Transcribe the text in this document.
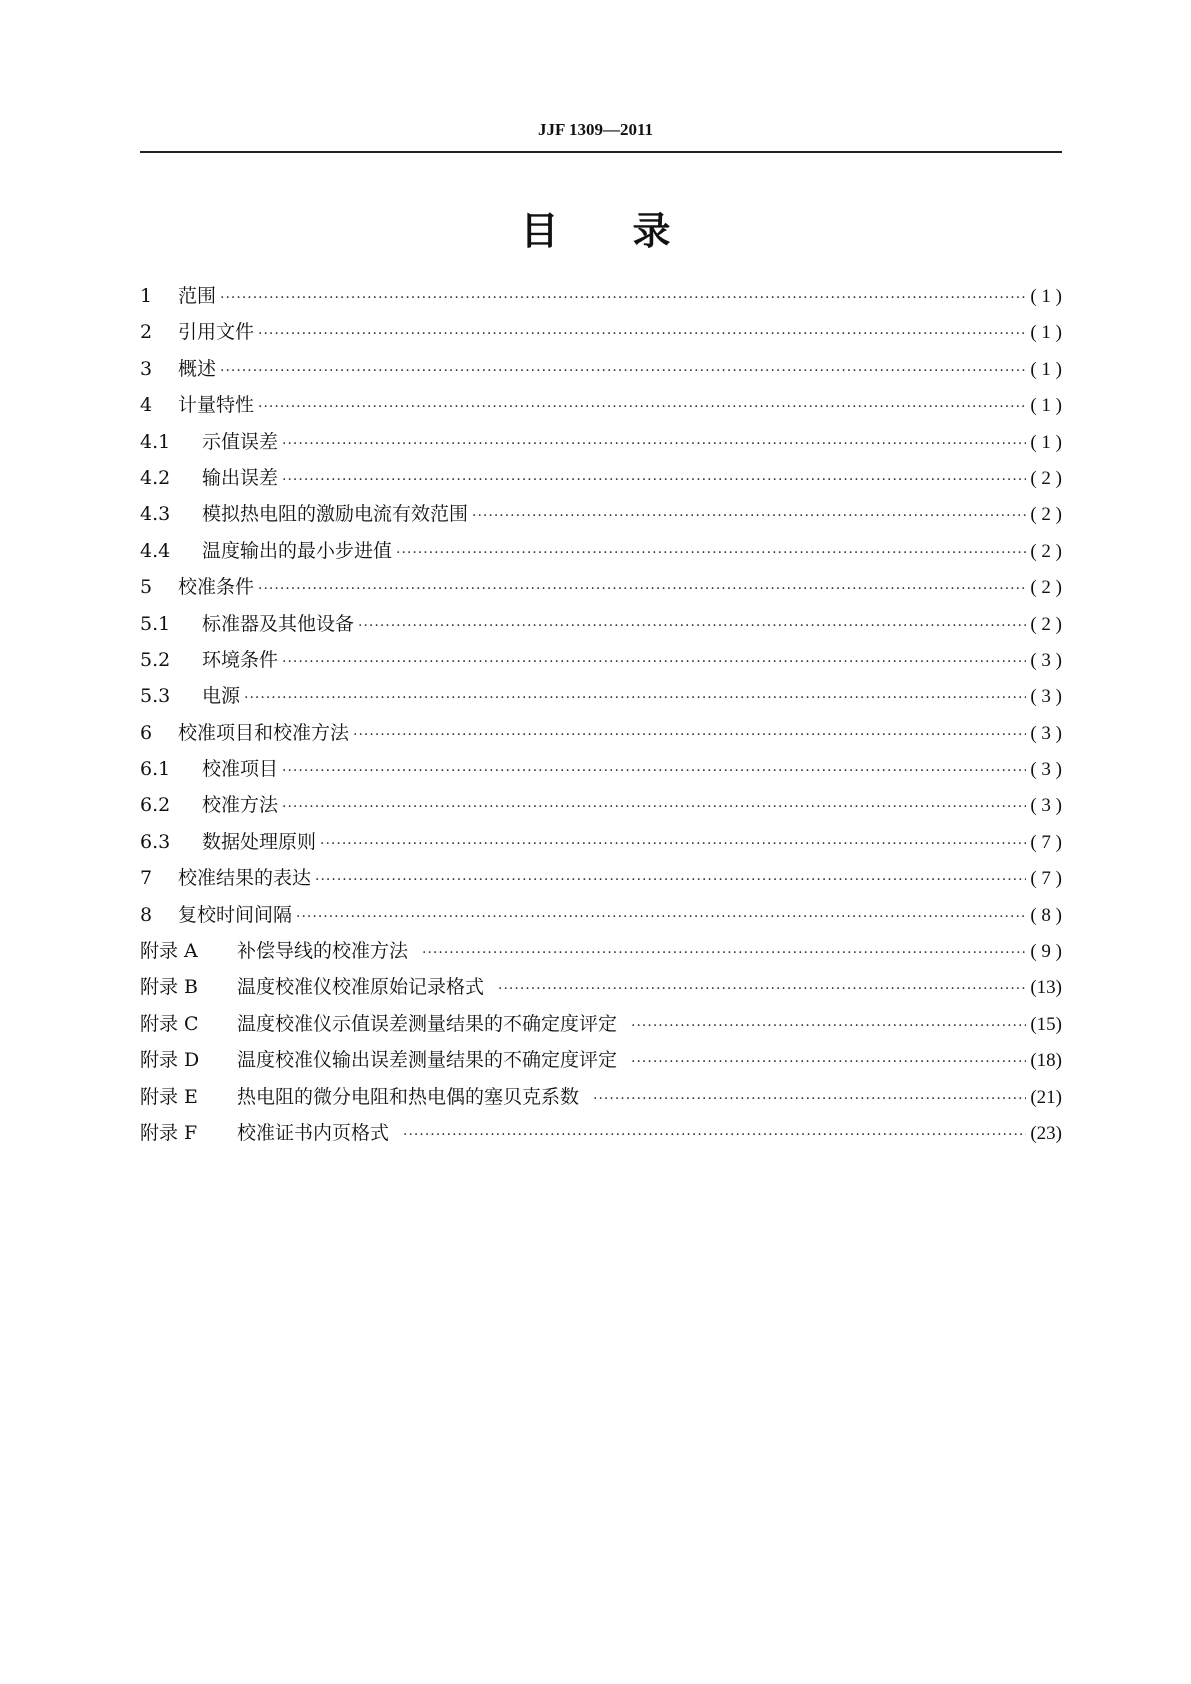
JJF 1309—2011
目 录
1	范围 ·····	( 1 )
2	引用文件 ·····	( 1 )
3	概述 ·····	( 1 )
4	计量特性 ·····	( 1 )
4.1	示值误差 ·····	( 1 )
4.2	输出误差 ·····	( 2 )
4.3	模拟热电阻的激励电流有效范围 ·····	( 2 )
4.4	温度输出的最小步进值 ·····	( 2 )
5	校准条件 ·····	( 2 )
5.1	标准器及其他设备 ·····	( 2 )
5.2	环境条件 ·····	( 3 )
5.3	电源 ·····	( 3 )
6	校准项目和校准方法 ·····	( 3 )
6.1	校准项目 ·····	( 3 )
6.2	校准方法 ·····	( 3 )
6.3	数据处理原则 ·····	( 7 )
7	校准结果的表达 ·····	( 7 )
8	复校时间间隔 ·····	( 8 )
附录 A	补偿导线的校准方法 ·····	( 9 )
附录 B	温度校准仪校准原始记录格式 ·····	(13)
附录 C	温度校准仪示值误差测量结果的不确定度评定 ·····	(15)
附录 D	温度校准仪输出误差测量结果的不确定度评定 ·····	(18)
附录 E	热电阻的微分电阻和热电偶的塞贝克系数 ·····	(21)
附录 F	校准证书内页格式 ·····	(23)
